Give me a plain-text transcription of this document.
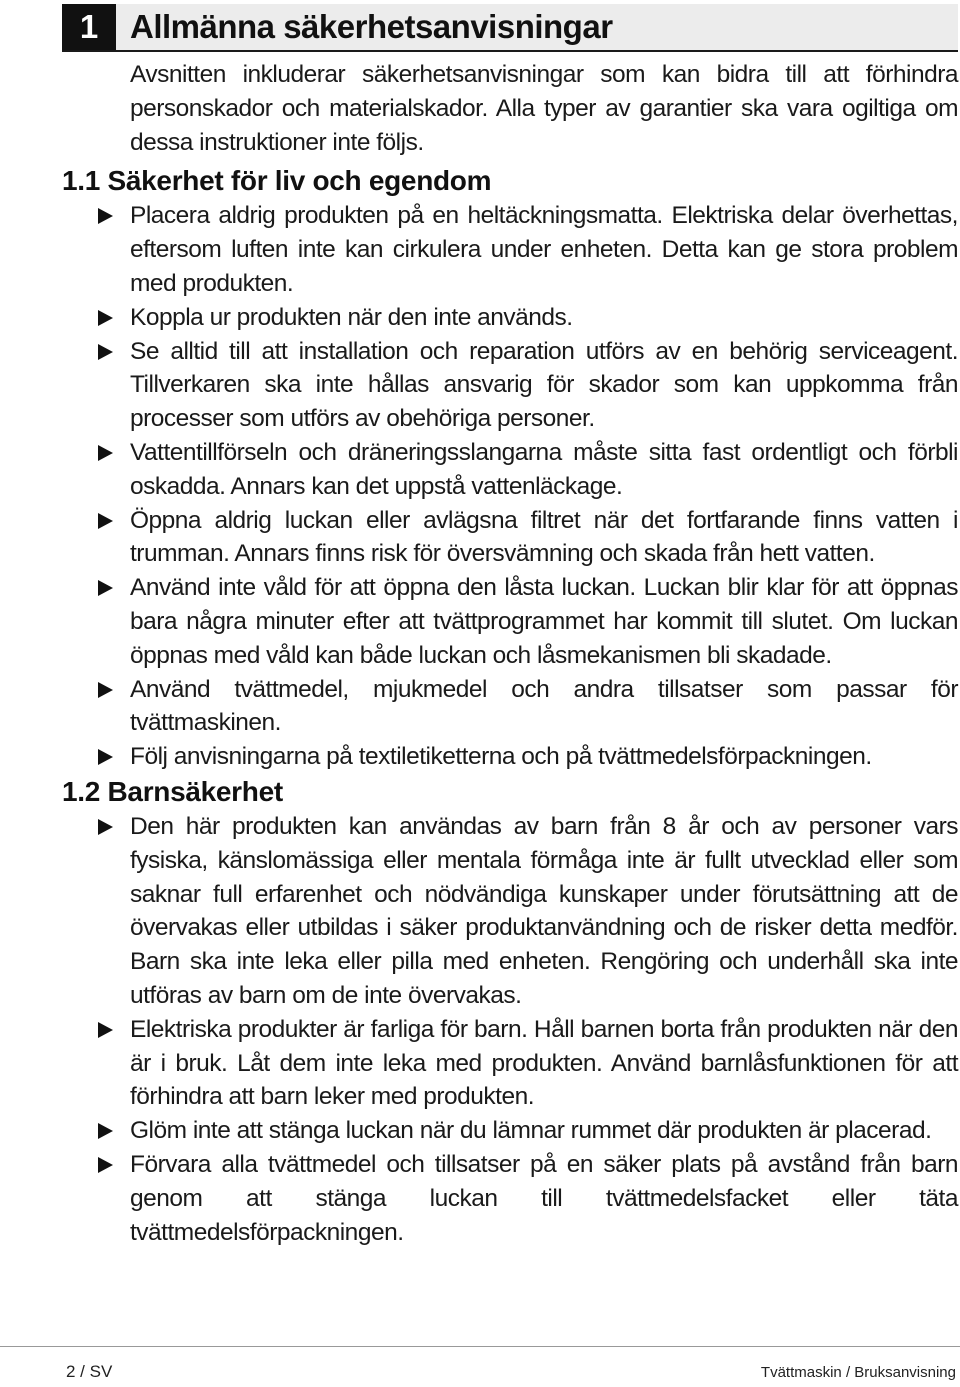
1 Allmänna säkerhetsanvisningar

Avsnitten inkluderar säkerhetsanvisningar som kan bidra till att förhindra personskador och materialskador. Alla typer av garantier ska vara ogiltiga om dessa instruktioner inte följs.

1.1 Säkerhet för liv och egendom
Placera aldrig produkten på en heltäckningsmatta. Elektriska delar överhettas, eftersom luften inte kan cirkulera under enheten. Detta kan ge stora problem med produkten.
Koppla ur produkten när den inte används.
Se alltid till att installation och reparation utförs av en behörig serviceagent. Tillverkaren ska inte hållas ansvarig för skador som kan uppkomma från processer som utförs av obehöriga personer.
Vattentillförseln och dräneringsslangarna måste sitta fast ordentligt och förbli oskadda. Annars kan det uppstå vattenläckage.
Öppna aldrig luckan eller avlägsna filtret när det fortfarande finns vatten i trumman. Annars finns risk för översvämning och skada från hett vatten.
Använd inte våld för att öppna den låsta luckan. Luckan blir klar för att öppnas bara några minuter efter att tvättprogrammet har kommit till slutet. Om luckan öppnas med våld kan både luckan och låsmekanismen bli skadade.
Använd tvättmedel, mjukmedel och andra tillsatser som passar för tvättmaskinen.
Följ anvisningarna på textiletiketterna och på tvättmedelsförpackningen.
1.2 Barnsäkerhet
Den här produkten kan användas av barn från 8 år och av personer vars fysiska, känslomässiga eller mentala förmåga inte är fullt utvecklad eller som saknar full erfarenhet och nödvändiga kunskaper under förutsättning att de övervakas eller utbildas i säker produktanvändning och de risker detta medför. Barn ska inte leka eller pilla med enheten. Rengöring och underhåll ska inte utföras av barn om de inte övervakas.
Elektriska produkter är farliga för barn. Håll barnen borta från produkten när den är i bruk. Låt dem inte leka med produkten. Använd barnlåsfunktionen för att förhindra att barn leker med produkten.
Glöm inte att stänga luckan när du lämnar rummet där produkten är placerad.
Förvara alla tvättmedel och tillsatser på en säker plats på avstånd från barn genom att stänga luckan till tvättmedelsfacket eller täta tvättmedelsförpackningen.
2 / SV	Tvättmaskin / Bruksanvisning
